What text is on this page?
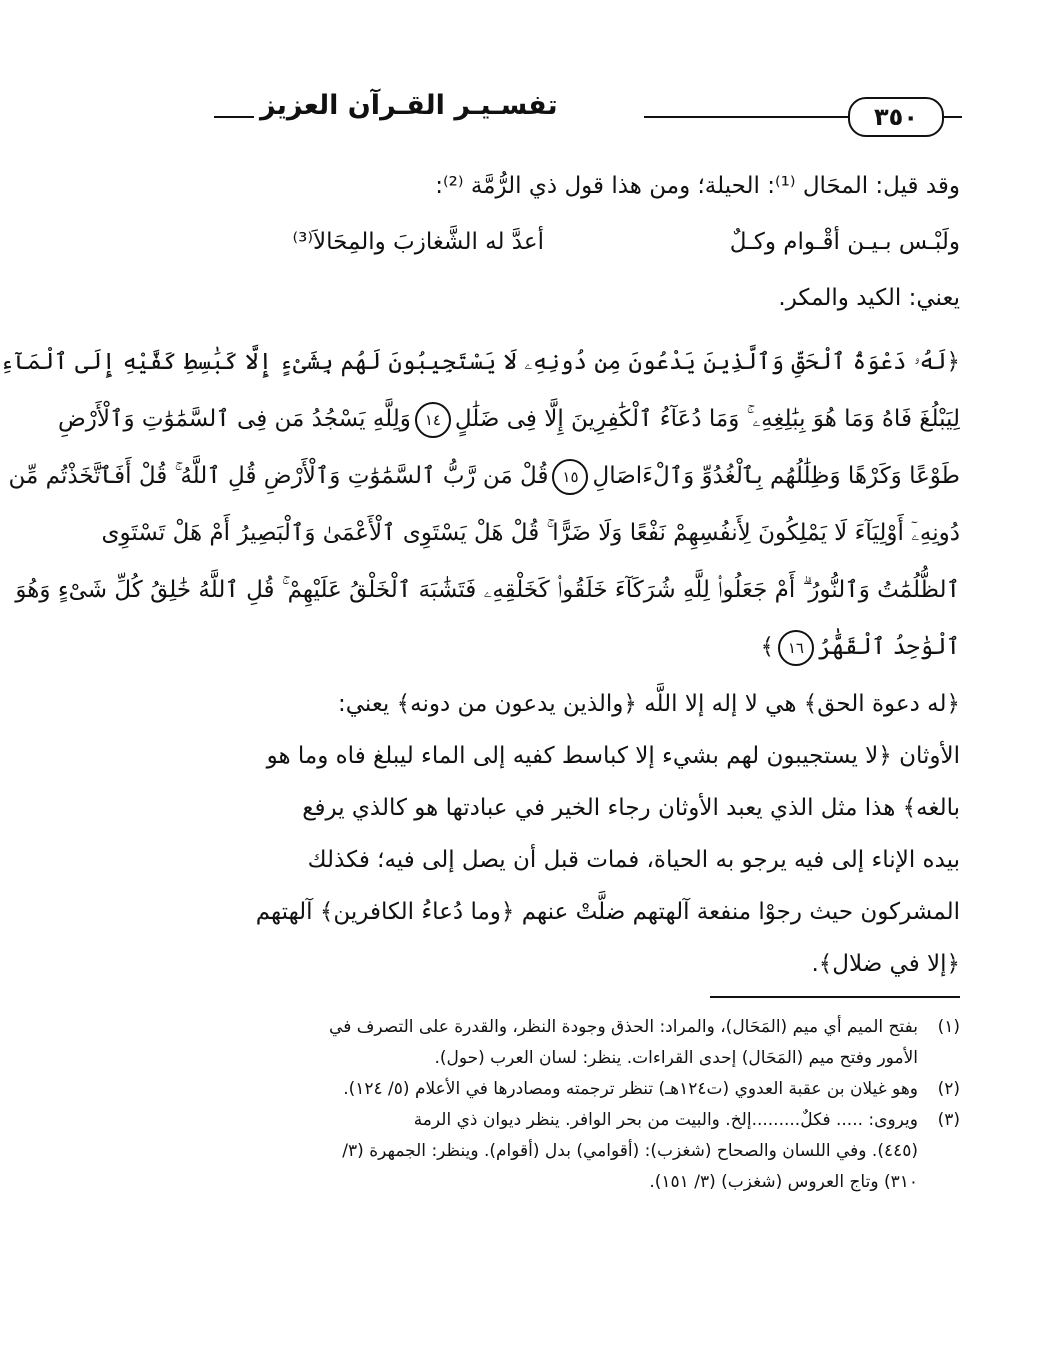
تفسـيـر القـرآن العزيز	٣٥٠

وقد قيل: المحَال ⁽¹⁾: الحيلة؛ ومن هذا قول ذي الرُّمَّة ⁽²⁾:

ولَبْـس بـيـن أقْـوام وكـلٌ
أعدَّ له الشَّغازبَ والمِحَالاَ⁽³⁾

يعني: الكيد والمكر.

﴿لَهُۥ دَعْوَةُ ٱلْحَقِّ وَٱلَّذِينَ يَدْعُونَ مِن دُونِهِۦ لَا يَسْتَجِيبُونَ لَهُم بِشَىْءٍ إِلَّا كَبَٰسِطِ كَفَّيْهِ إِلَى ٱلْمَآءِ

لِيَبْلُغَ فَاهُ وَمَا هُوَ بِبَٰلِغِهِۦ ۚ وَمَا دُعَآءُ ٱلْكَٰفِرِينَ إِلَّا فِى ضَلَٰلٍ١٤وَلِلَّهِ يَسْجُدُ مَن فِى ٱلسَّمَٰوَٰتِ وَٱلْأَرْضِ

طَوْعًا وَكَرْهًا وَظِلَٰلُهُم بِٱلْغُدُوِّ وَٱلْءَاصَالِ١٥قُلْ مَن رَّبُّ ٱلسَّمَٰوَٰتِ وَٱلْأَرْضِ قُلِ ٱللَّهُ ۚ قُلْ أَفَٱتَّخَذْتُم مِّن

دُونِهِۦٓ أَوْلِيَآءَ لَا يَمْلِكُونَ لِأَنفُسِهِمْ نَفْعًا وَلَا ضَرًّا ۚ قُلْ هَلْ يَسْتَوِى ٱلْأَعْمَىٰ وَٱلْبَصِيرُ أَمْ هَلْ تَسْتَوِى

ٱلظُّلُمَٰتُ وَٱلنُّورُ ۗ أَمْ جَعَلُوا۟ لِلَّهِ شُرَكَآءَ خَلَقُوا۟ كَخَلْقِهِۦ فَتَشَٰبَهَ ٱلْخَلْقُ عَلَيْهِمْ ۚ قُلِ ٱللَّهُ خَٰلِقُ كُلِّ شَىْءٍ وَهُوَ

ٱلْوَٰحِدُ ٱلْقَهَّٰرُ١٦﴾

﴿له دعوة الحق﴾ هي لا إله إلا اللَّه ﴿والذين يدعون من دونه﴾ يعني:

الأوثان ﴿لا يستجيبون لهم بشيء إلا كباسط كفيه إلى الماء ليبلغ فاه وما هو

بالغه﴾ هذا مثل الذي يعبد الأوثان رجاء الخير في عبادتها هو كالذي يرفع

بيده الإناء إلى فيه يرجو به الحياة، فمات قبل أن يصل إلى فيه؛ فكذلك

المشركون حيث رجوْا منفعة آلهتهم ضلَّتْ عنهم ﴿وما دُعاءُ الكافرين﴾ آلهتهم

﴿إلا في ضلال﴾.

(١)
بفتح الميم أي ميم (المَحَال)، والمراد: الحذق وجودة النظر، والقدرة على التصرف في
الأمور وفتح ميم (المَحَال) إحدى القراءات. ينظر: لسان العرب (حول).
(٢)
وهو غيلان بن عقبة العدوي (ت١٢٤هـ) تنظر ترجمته ومصادرها في الأعلام (٥/ ١٢٤).
(٣)
ويروى: ..... فكلٌ.........إلخ. والبيت من بحر الوافر. ينظر ديوان ذي الرمة
(٤٤٥). وفي اللسان والصحاح (شغزب): (أقوامي) بدل (أقوام). وينظر: الجمهرة (٣/
٣١٠) وتاج العروس (شغزب) (٣/ ١٥١).
